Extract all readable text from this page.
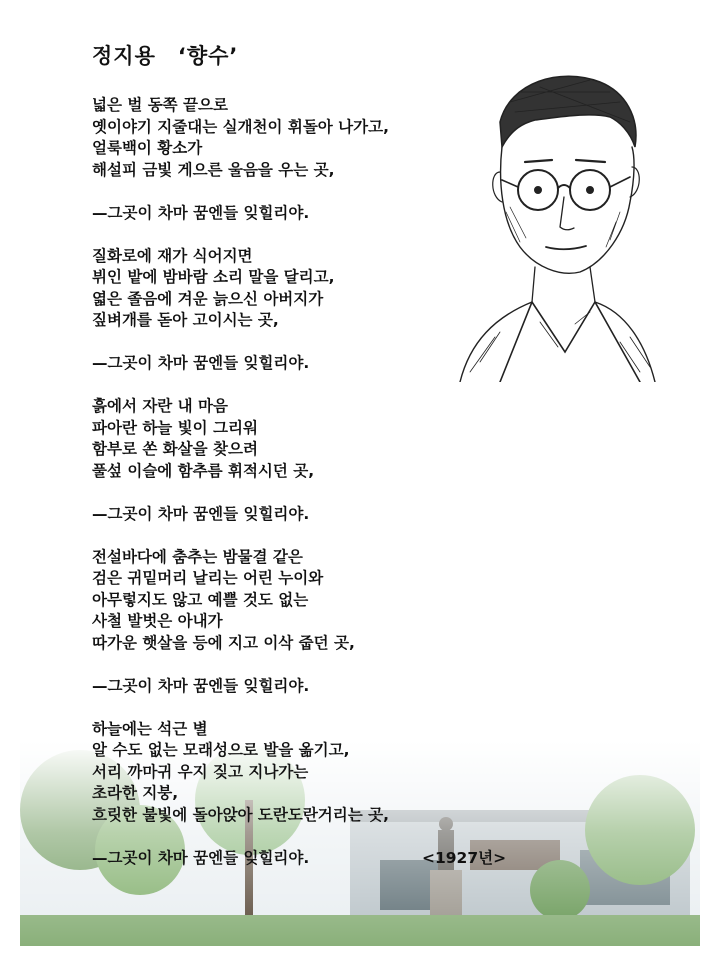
정지용 ‘향수’
넓은 벌 동쪽 끝으로
옛이야기 지줄대는 실개천이 휘돌아 나가고,
얼룩백이 황소가
해설피 금빛 게으른 울음을 우는 곳,
—그곳이 차마 꿈엔들 잊힐리야.
질화로에 재가 식어지면
뷔인 밭에 밤바람 소리 말을 달리고,
엷은 졸음에 겨운 늙으신 아버지가
짚벼개를 돋아 고이시는 곳,
—그곳이 차마 꿈엔들 잊힐리야.
흙에서 자란 내 마음
파아란 하늘 빛이 그리워
함부로 쏜 화살을 찾으려
풀섶 이슬에 함추름 휘적시던 곳,
—그곳이 차마 꿈엔들 잊힐리야.
전설바다에 춤추는 밤물결 같은
검은 귀밑머리 날리는 어린 누이와
아무렇지도 않고 예쁠 것도 없는
사철 발벗은 아내가
따가운 햇살을 등에 지고 이삭 줍던 곳,
—그곳이 차마 꿈엔들 잊힐리야.
하늘에는 석근 별
알 수도 없는 모래성으로 발을 옮기고,
서리 까마귀 우지 짖고 지나가는
초라한 지붕,
흐릿한 불빛에 돌아앉아 도란도란거리는 곳,
—그곳이 차마 꿈엔들 잊힐리야.	<1927년>
